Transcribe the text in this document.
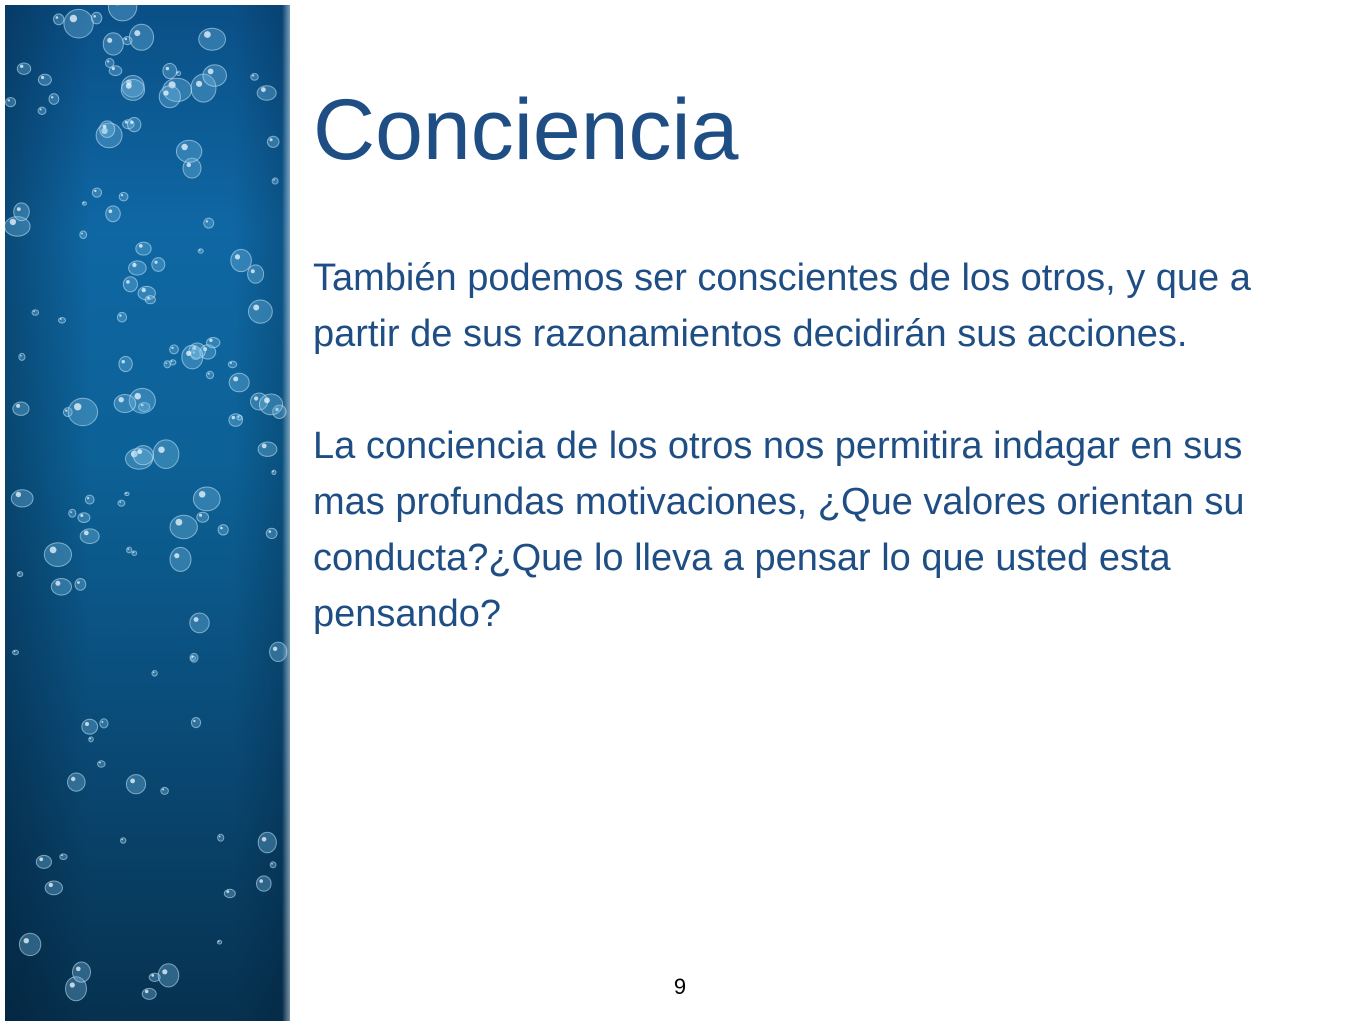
Conciencia

También podemos ser conscientes de los otros, y que a partir de sus razonamientos decidirán sus acciones.

La conciencia de los otros nos permitira indagar en sus mas profundas motivaciones, ¿Que valores orientan su conducta?¿Que lo lleva a pensar lo que usted esta pensando?

9
